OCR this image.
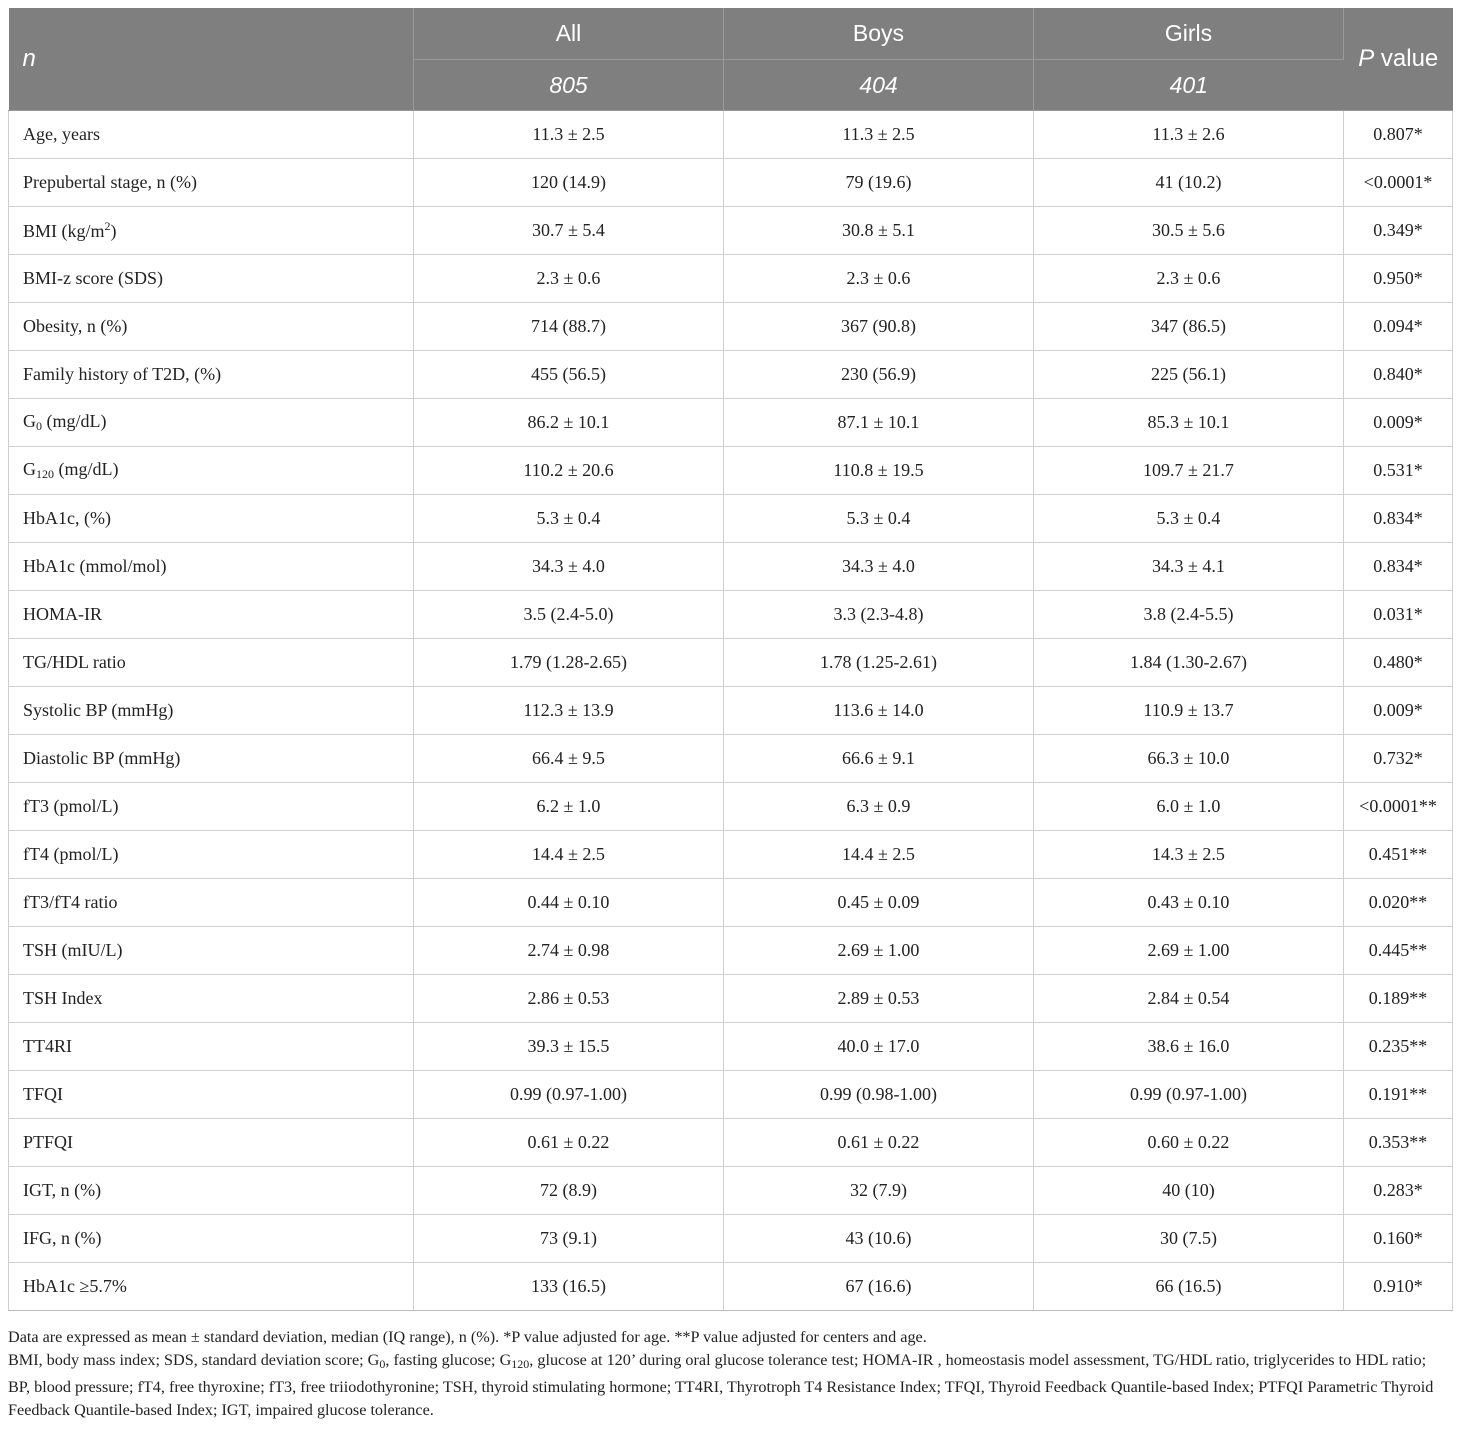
n	All	Boys	Girls	P value
	805	404	401	
Age, years	11.3 ± 2.5	11.3 ± 2.5	11.3 ± 2.6	0.807*
Prepubertal stage, n (%)	120 (14.9)	79 (19.6)	41 (10.2)	<0.0001*
BMI $(kg/m^2)$	30.7 ± 5.4	30.8 ± 5.1	30.5 ± 5.6	0.349*
BMI-z score (SDS)	2.3 ± 0.6	2.3 ± 0.6	2.3 ± 0.6	0.950*
Obesity, n (%)	714 (88.7)	367 (90.8)	347 (86.5)	0.094*
Family history of T2D, (%)	455 (56.5)	230 (56.9)	225 (56.1)	0.840*
$G_0$ (mg/dL)	86.2 ± 10.1	87.1 ± 10.1	85.3 ± 10.1	0.009*
$G_{120}$ (mg/dL)	110.2 ± 20.6	110.8 ± 19.5	109.7 ± 21.7	0.531*
HbA1c, (%)	5.3 ± 0.4	5.3 ± 0.4	5.3 ± 0.4	0.834*
HbA1c (mmol/mol)	34.3 ± 4.0	34.3 ± 4.0	34.3 ± 4.1	0.834*
HOMA-IR	3.5 (2.4-5.0)	3.3 (2.3-4.8)	3.8 (2.4-5.5)	0.031*
TG/HDL ratio	1.79 (1.28-2.65)	1.78 (1.25-2.61)	1.84 (1.30-2.67)	0.480*
Systolic BP (mmHg)	112.3 ± 13.9	113.6 ± 14.0	110.9 ± 13.7	0.009*
Diastolic BP (mmHg)	66.4 ± 9.5	66.6 ± 9.1	66.3 ± 10.0	0.732*
fT3 (pmol/L)	6.2 ± 1.0	6.3 ± 0.9	6.0 ± 1.0	<0.0001**
fT4 (pmol/L)	14.4 ± 2.5	14.4 ± 2.5	14.3 ± 2.5	0.451**
fT3/fT4 ratio	0.44 ± 0.10	0.45 ± 0.09	0.43 ± 0.10	0.020**
TSH (mIU/L)	2.74 ± 0.98	2.69 ± 1.00	2.69 ± 1.00	0.445**
TSH Index	2.86 ± 0.53	2.89 ± 0.53	2.84 ± 0.54	0.189**
TT4RI	39.3 ± 15.5	40.0 ± 17.0	38.6 ± 16.0	0.235**
TFQI	0.99 (0.97-1.00)	0.99 (0.98-1.00)	0.99 (0.97-1.00)	0.191**
PTFQI	0.61 ± 0.22	0.61 ± 0.22	0.60 ± 0.22	0.353**
IGT, n (%)	72 (8.9)	32 (7.9)	40 (10)	0.283*
IFG, n (%)	73 (9.1)	43 (10.6)	30 (7.5)	0.160*
HbA1c ≥5.7%	133 (16.5)	67 (16.6)	66 (16.5)	0.910*

Data are expressed as mean ± standard deviation, median (IQ range), n (%). *P value adjusted for age. **P value adjusted for centers and age.

BMI, body mass index; SDS, standard deviation score; $G_0$, fasting glucose; $G_{120}$, glucose at 120’ during oral glucose tolerance test; HOMA-IR , homeostasis model assessment, TG/HDL ratio, triglycerides to HDL ratio; BP, blood pressure; fT4, free thyroxine; fT3, free triiodothyronine; TSH, thyroid stimulating hormone; TT4RI, Thyrotroph T4 Resistance Index; TFQI, Thyroid Feedback Quantile-based Index; PTFQI Parametric Thyroid Feedback Quantile-based Index; IGT, impaired glucose tolerance.
